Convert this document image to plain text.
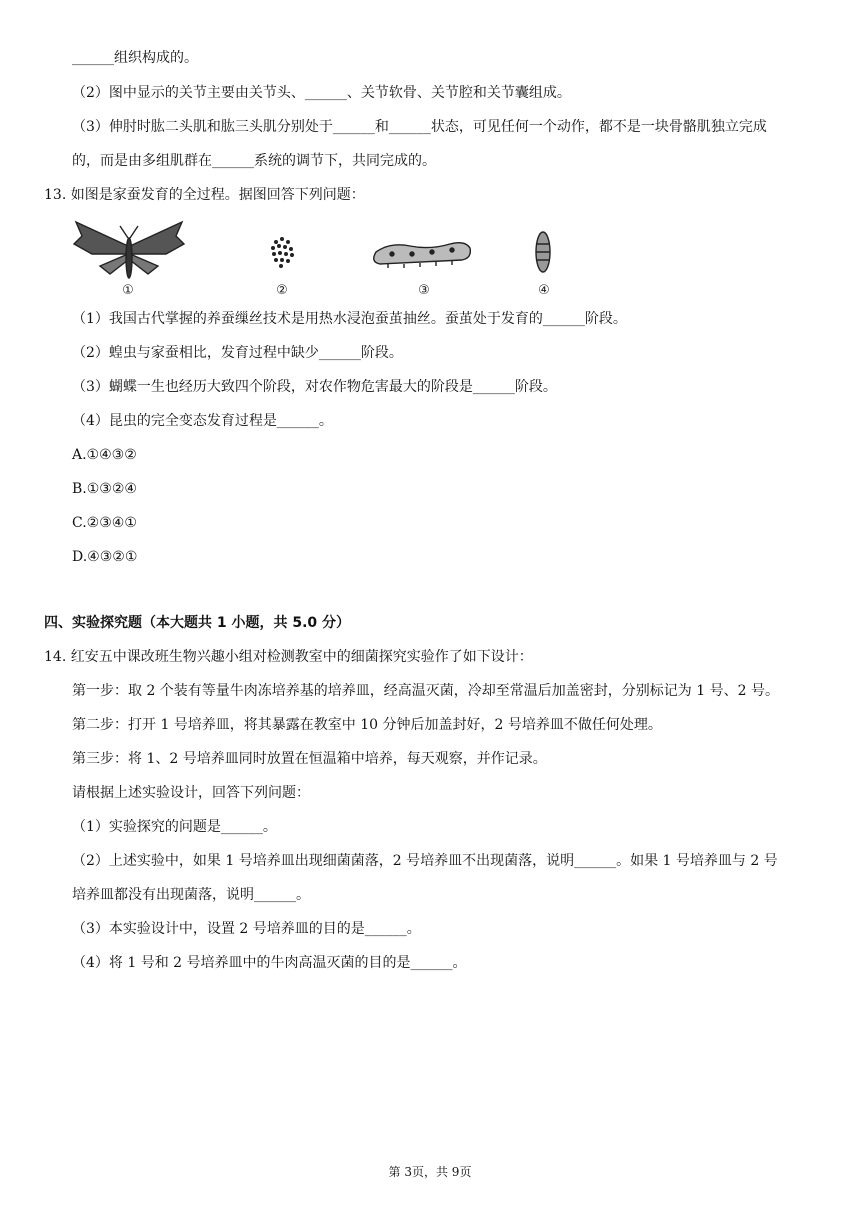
______组织构成的。
（2）图中显示的关节主要由关节头、______、关节软骨、关节腔和关节囊组成。
（3）伸肘时肱二头肌和肱三头肌分别处于______和______状态，可见任何一个动作，都不是一块骨骼肌独立完成
的，而是由多组肌群在______系统的调节下，共同完成的。
13. 如图是家蚕发育的全过程。据图回答下列问题：
①	②	③	④
（1）我国古代掌握的养蚕缫丝技术是用热水浸泡蚕茧抽丝。蚕茧处于发育的______阶段。
（2）蝗虫与家蚕相比，发育过程中缺少______阶段。
（3）蝴蝶一生也经历大致四个阶段，对农作物危害最大的阶段是______阶段。
（4）昆虫的完全变态发育过程是______。
A.①④③②
B.①③②④
C.②③④①
D.④③②①
四、实验探究题（本大题共 1 小题，共 5.0 分）
14. 红安五中课改班生物兴趣小组对检测教室中的细菌探究实验作了如下设计：
第一步：取 2 个装有等量牛肉冻培养基的培养皿，经高温灭菌，冷却至常温后加盖密封，分别标记为 1 号、2 号。
第二步：打开 1 号培养皿，将其暴露在教室中 10 分钟后加盖封好，2 号培养皿不做任何处理。
第三步：将 1、2 号培养皿同时放置在恒温箱中培养，每天观察，并作记录。
请根据上述实验设计，回答下列问题：
（1）实验探究的问题是______。
（2）上述实验中，如果 1 号培养皿出现细菌菌落，2 号培养皿不出现菌落，说明______。如果 1 号培养皿与 2 号
培养皿都没有出现菌落，说明______。
（3）本实验设计中，设置 2 号培养皿的目的是______。
（4）将 1 号和 2 号培养皿中的牛肉高温灭菌的目的是______。
第 3页，共 9页
